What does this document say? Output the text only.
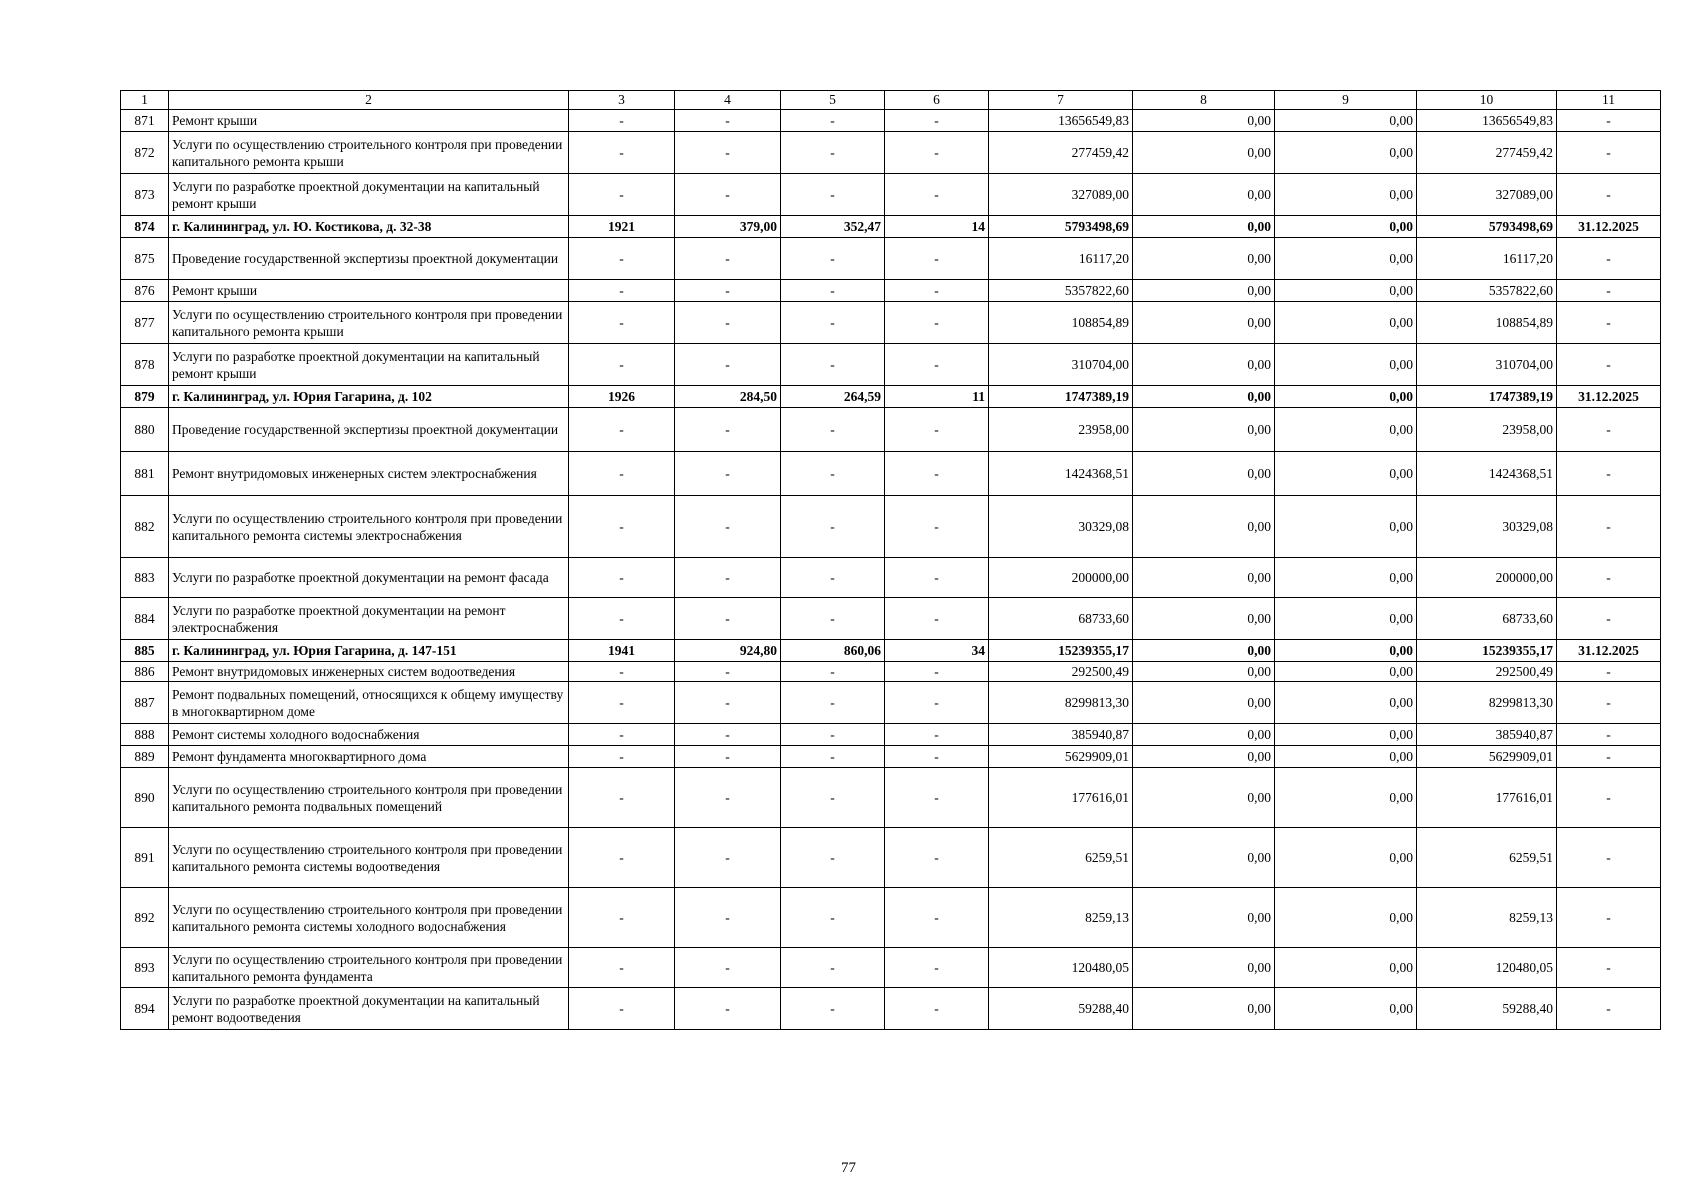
1	2	3	4	5	6	7	8	9	10	11
871	Ремонт крыши	-	-	-	-	13656549,83	0,00	0,00	13656549,83	-
872	Услуги по осуществлению строительного контроля при проведении капитального ремонта крыши	-	-	-	-	277459,42	0,00	0,00	277459,42	-
873	Услуги по разработке проектной документации на капитальный ремонт крыши	-	-	-	-	327089,00	0,00	0,00	327089,00	-
874	г. Калининград, ул. Ю. Костикова, д. 32-38	1921	379,00	352,47	14	5793498,69	0,00	0,00	5793498,69	31.12.2025
875	Проведение государственной экспертизы проектной документации	-	-	-	-	16117,20	0,00	0,00	16117,20	-
876	Ремонт крыши	-	-	-	-	5357822,60	0,00	0,00	5357822,60	-
877	Услуги по осуществлению строительного контроля при проведении капитального ремонта крыши	-	-	-	-	108854,89	0,00	0,00	108854,89	-
878	Услуги по разработке проектной документации на капитальный ремонт крыши	-	-	-	-	310704,00	0,00	0,00	310704,00	-
879	г. Калининград, ул. Юрия Гагарина, д. 102	1926	284,50	264,59	11	1747389,19	0,00	0,00	1747389,19	31.12.2025
880	Проведение государственной экспертизы проектной документации	-	-	-	-	23958,00	0,00	0,00	23958,00	-
881	Ремонт внутридомовых инженерных систем электроснабжения	-	-	-	-	1424368,51	0,00	0,00	1424368,51	-
882	Услуги по осуществлению строительного контроля при проведении капитального ремонта системы электроснабжения	-	-	-	-	30329,08	0,00	0,00	30329,08	-
883	Услуги по разработке проектной документации на ремонт фасада	-	-	-	-	200000,00	0,00	0,00	200000,00	-
884	Услуги по разработке проектной документации на ремонт электроснабжения	-	-	-	-	68733,60	0,00	0,00	68733,60	-
885	г. Калининград, ул. Юрия Гагарина, д. 147-151	1941	924,80	860,06	34	15239355,17	0,00	0,00	15239355,17	31.12.2025
886	Ремонт внутридомовых инженерных систем водоотведения	-	-	-	-	292500,49	0,00	0,00	292500,49	-
887	Ремонт подвальных помещений, относящихся к общему имуществу в многоквартирном доме	-	-	-	-	8299813,30	0,00	0,00	8299813,30	-
888	Ремонт системы холодного водоснабжения	-	-	-	-	385940,87	0,00	0,00	385940,87	-
889	Ремонт фундамента многоквартирного дома	-	-	-	-	5629909,01	0,00	0,00	5629909,01	-
890	Услуги по осуществлению строительного контроля при проведении капитального ремонта подвальных помещений	-	-	-	-	177616,01	0,00	0,00	177616,01	-
891	Услуги по осуществлению строительного контроля при проведении капитального ремонта системы водоотведения	-	-	-	-	6259,51	0,00	0,00	6259,51	-
892	Услуги по осуществлению строительного контроля при проведении капитального ремонта системы холодного водоснабжения	-	-	-	-	8259,13	0,00	0,00	8259,13	-
893	Услуги по осуществлению строительного контроля при проведении капитального ремонта фундамента	-	-	-	-	120480,05	0,00	0,00	120480,05	-
894	Услуги по разработке проектной документации на капитальный ремонт водоотведения	-	-	-	-	59288,40	0,00	0,00	59288,40	-
77
